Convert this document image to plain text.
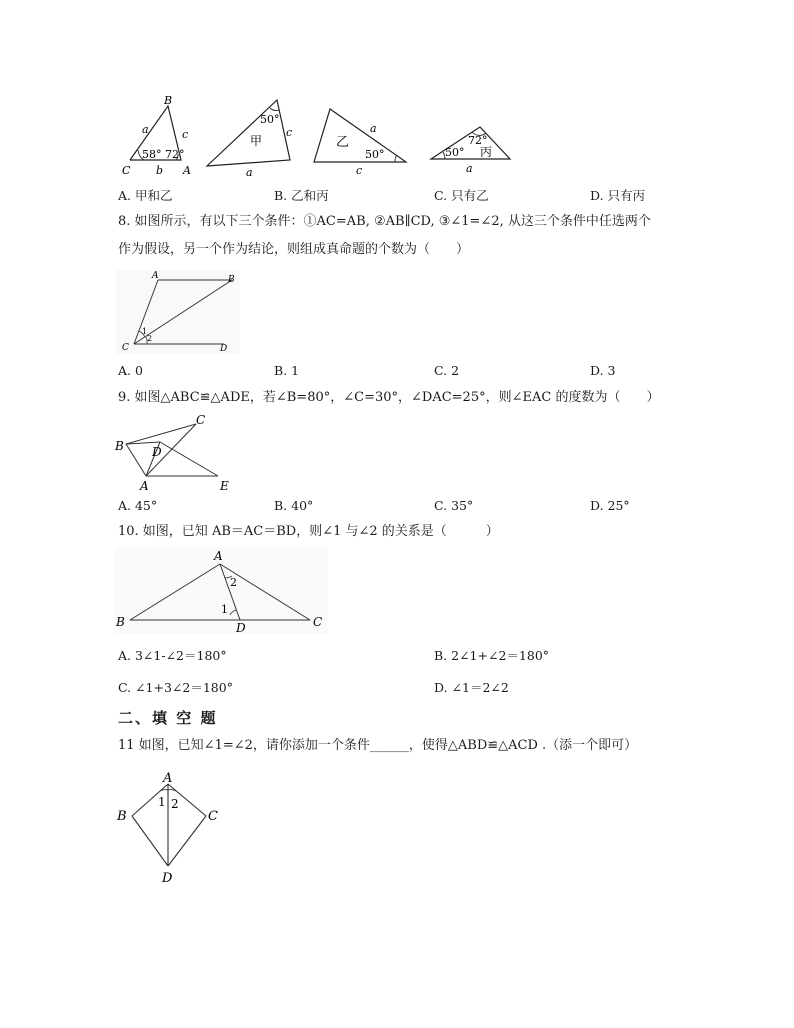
B
a	c
58° 72°
C b A
50°
甲
c
a
乙
a
50°
c
72°
50° 丙
a
A. 甲和乙	B. 乙和丙	C. 只有乙	D. 只有丙
8. 如图所示，有以下三个条件：①AC=AB, ②AB∥CD, ③∠1=∠2, 从这三个条件中任选两个
作为假设，另一个作为结论，则组成真命题的个数为（　　）
A	B
C	D
1
2
A. 0	B. 1	C. 2	D. 3
9. 如图△ABC≌△ADE，若∠B=80°，∠C=30°，∠DAC=25°，则∠EAC 的度数为（　　）
C
B D
A	E
A. 45°	B. 40°	C. 35°	D. 25°
10. 如图，已知 AB＝AC＝BD，则∠1 与∠2 的关系是（　　　）
A
2
1
B	D	C
A. 3∠1-∠2＝180°	B. 2∠1+∠2＝180°
C. ∠1+3∠2＝180°	D. ∠1＝2∠2
二、填 空 题
11 如图，已知∠1=∠2，请你添加一个条件______，使得△ABD≌△ACD .（添一个即可）
A
1 2
B	C
D
